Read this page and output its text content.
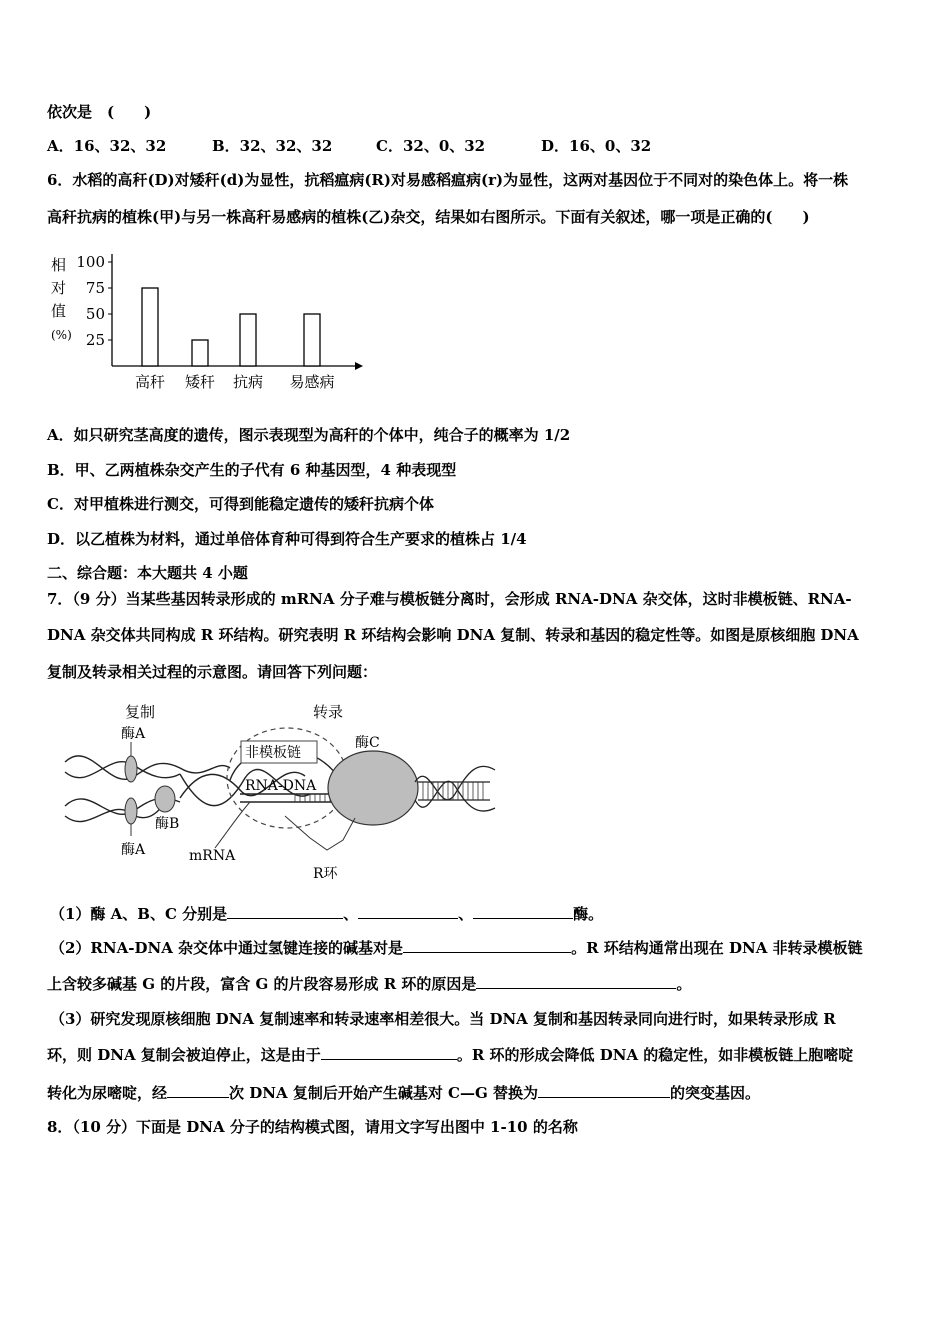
依次是　(　　)
A．16、32、32	B．32、32、32	C．32、0、32	D．16、0、32
6．水稻的高秆(D)对矮秆(d)为显性，抗稻瘟病(R)对易感稻瘟病(r)为显性，这两对基因位于不同对的染色体上。将一株
高秆抗病的植株(甲)与另一株高秆易感病的植株(乙)杂交，结果如右图所示。下面有关叙述，哪一项是正确的(　　)
相
对
值
(%)
100
75
50
25
高秆 矮秆 抗病 易感病
A．如只研究茎高度的遗传，图示表现型为高秆的个体中，纯合子的概率为 1/2
B．甲、乙两植株杂交产生的子代有 6 种基因型，4 种表现型
C．对甲植株进行测交，可得到能稳定遗传的矮秆抗病个体
D．以乙植株为材料，通过单倍体育种可得到符合生产要求的植株占 1/4
二、综合题：本大题共 4 小题
7．（9 分）当某些基因转录形成的 mRNA 分子难与模板链分离时，会形成 RNA-DNA 杂交体，这时非模板链、RNA-
DNA 杂交体共同构成 R 环结构。研究表明 R 环结构会影响 DNA 复制、转录和基因的稳定性等。如图是原核细胞 DNA
复制及转录相关过程的示意图。请回答下列问题：
复制	转录
酶A
酶C
非模板链
RNA-DNA
mRNA
R环
酶B
酶A
（1）酶 A、B、C 分别是	、	、	酶。
（2）RNA-DNA 杂交体中通过氢键连接的碱基对是	。R 环结构通常出现在 DNA 非转录模板链
上含较多碱基 G 的片段，富含 G 的片段容易形成 R 环的原因是	。
（3）研究发现原核细胞 DNA 复制速率和转录速率相差很大。当 DNA 复制和基因转录同向进行时，如果转录形成 R
环，则 DNA 复制会被迫停止，这是由于	。R 环的形成会降低 DNA 的稳定性，如非模板链上胞嘧啶
转化为尿嘧啶，经	次 DNA 复制后开始产生碱基对 C—G 替换为	的突变基因。
8．（10 分）下面是 DNA 分子的结构模式图，请用文字写出图中 1-10 的名称
